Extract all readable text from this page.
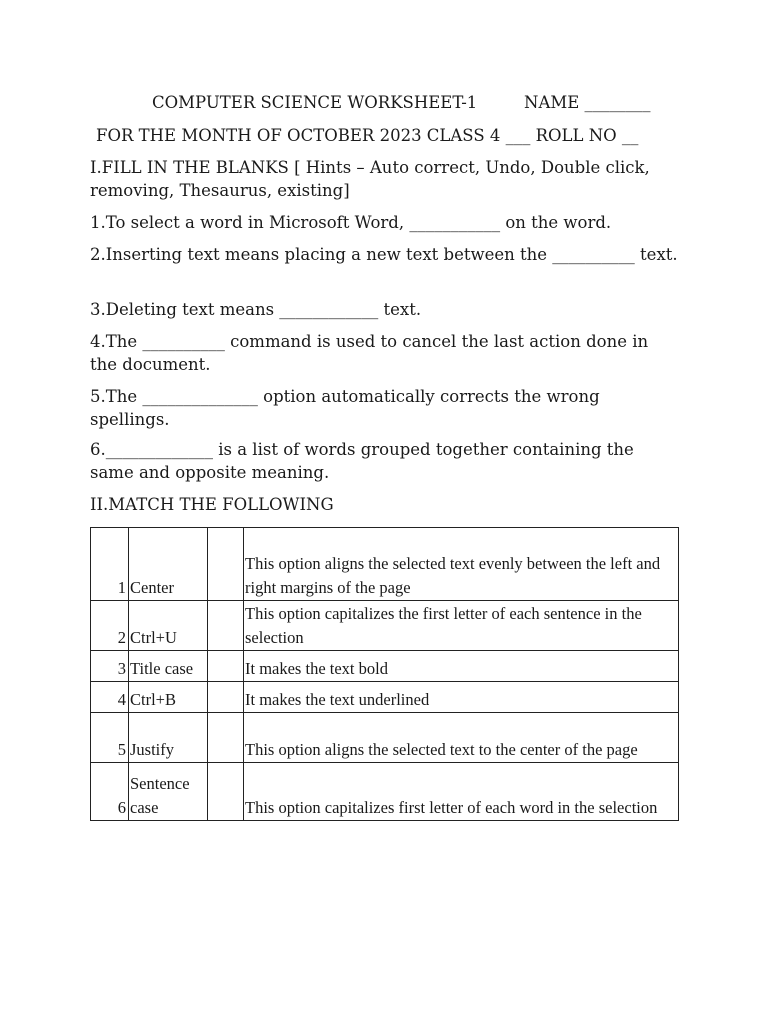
COMPUTER SCIENCE WORKSHEET-1	NAME ________
FOR THE MONTH OF OCTOBER 2023 CLASS 4 ___ ROLL NO __
I.FILL IN THE BLANKS [ Hints – Auto correct, Undo, Double click, removing, Thesaurus, existing]
1.To select a word in Microsoft Word, ___________ on the word.
2.Inserting text means placing a new text between the __________ text.
3.Deleting text means ____________ text.
4.The __________ command is used to cancel the last action done in the document.
5.The ______________ option automatically corrects the wrong spellings.
6._____________ is a list of words grouped together containing the same and opposite meaning.
II.MATCH THE FOLLOWING
1	Center		This option aligns the selected text evenly between the left and right margins of the page
2	Ctrl+U		This option capitalizes the first letter of each sentence in the selection
3	Title case		It makes the text bold
4	Ctrl+B		It makes the text underlined
5	Justify		This option aligns the selected text to the center of the page
6	Sentence case		This option capitalizes first letter of each word in the selection
